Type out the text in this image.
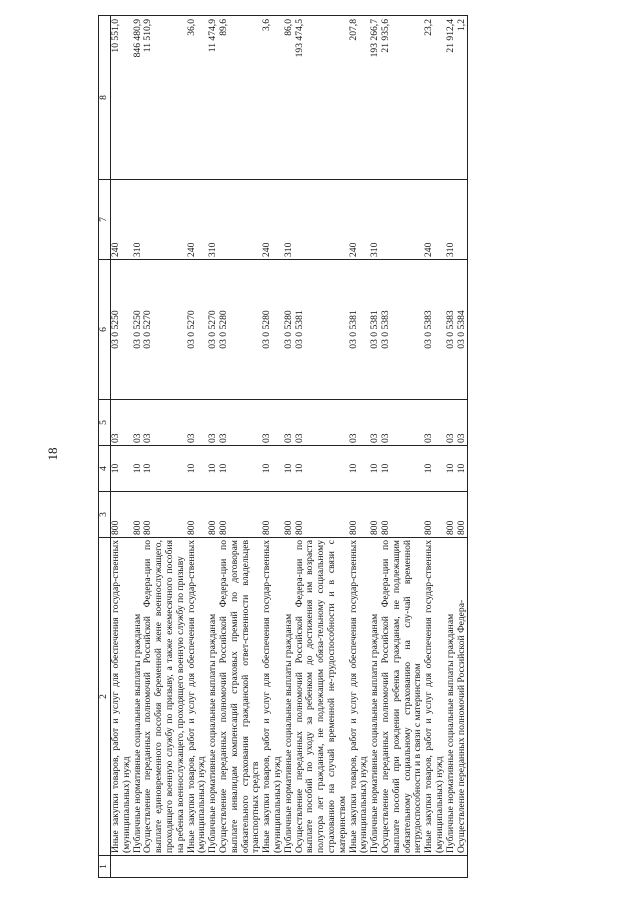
18
1	2	3	4	5	6	7	8
	Иные закупки товаров, работ и услуг для обеспечения государ-ственных (муниципальных) нужд	800	10	03	03 0 5250	240	10 551,0
	Публичные нормативные социальные выплаты гражданам	800	10	03	03 0 5250	310	846 480,9
	Осуществление переданных полномочий Российской Федера-ции по выплате единовременного пособия беременной жене военнослужащего, проходящего военную службу по призыву, а также ежемесячного пособия на ребенка военнослужащего, проходящего военную службу по призыву	800	10	03	03 0 5270		11 510,9
	Иные закупки товаров, работ и услуг для обеспечения государ-ственных (муниципальных) нужд	800	10	03	03 0 5270	240	36,0
	Публичные нормативные социальные выплаты гражданам	800	10	03	03 0 5270	310	11 474,9
	Осуществление переданных полномочий Российской Федера-ции по выплате инвалидам компенсаций страховых премий по договорам обязательного страхования гражданской ответ-ственности владельцев транспортных средств	800	10	03	03 0 5280		89,6
	Иные закупки товаров, работ и услуг для обеспечения государ-ственных (муниципальных) нужд	800	10	03	03 0 5280	240	3,6
	Публичные нормативные социальные выплаты гражданам	800	10	03	03 0 5280	310	86,0
	Осуществление переданных полномочий Российской Федера-ции по выплате пособий по уходу за ребенком до достижения им возраста полутора лет гражданам, не подлежащим обяза-тельному социальному страхованию на случай временной не-трудоспособности и в связи с материнством	800	10	03	03 0 5381		193 474,5
	Иные закупки товаров, работ и услуг для обеспечения государ-ственных (муниципальных) нужд	800	10	03	03 0 5381	240	207,8
	Публичные нормативные социальные выплаты гражданам	800	10	03	03 0 5381	310	193 266,7
	Осуществление переданных полномочий Российской Федера-ции по выплате пособий при рождении ребенка гражданам, не подлежащим обязательному социальному страхованию на слу-чай временной нетрудоспособности и в связи с материнством	800	10	03	03 0 5383		21 935,6
	Иные закупки товаров, работ и услуг для обеспечения государ-ственных (муниципальных) нужд	800	10	03	03 0 5383	240	23,2
	Публичные нормативные социальные выплаты гражданам	800	10	03	03 0 5383	310	21 912,4
	Осуществление переданных полномочий Российской Федера-	800	10	03	03 0 5384		1,2
